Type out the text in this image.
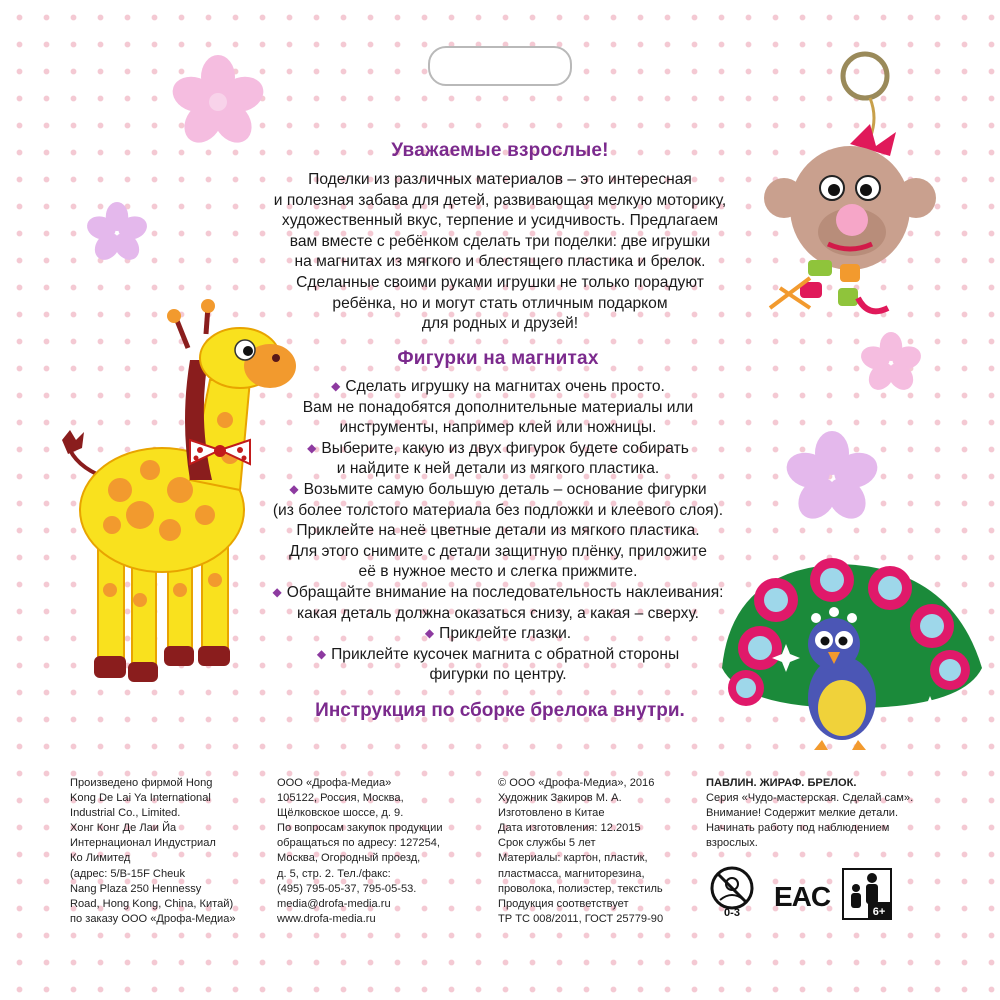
Уважаемые взрослые!

Поделки из различных материалов – это интересная

и полезная забава для детей, развивающая мелкую моторику,

художественный вкус, терпение и усидчивость. Предлагаем

вам вместе с ребёнком сделать три поделки: две игрушки

на магнитах из мягкого и блестящего пластика и брелок.

Сделанные своими руками игрушки не только порадуют

ребёнка, но и могут стать отличным подарком

для родных и друзей!

Фигурки на магнитах

◆ Сделать игрушку на магнитах очень просто.

Вам не понадобятся дополнительные материалы или

инструменты, например клей или ножницы.

◆ Выберите, какую из двух фигурок будете собирать

и найдите к ней детали из мягкого пластика.

◆ Возьмите самую большую деталь – основание фигурки

(из более толстого материала без подложки и клеевого слоя).

Приклейте на неё цветные детали из мягкого пластика.

Для этого снимите с детали защитную плёнку, приложите

её в нужное место и слегка прижмите.

◆ Обращайте внимание на последовательность наклеивания:

какая деталь должна оказаться снизу, а какая – сверху.

◆ Приклейте глазки.

◆ Приклейте кусочек магнита с обратной стороны

фигурки по центру.

Инструкция по сборке брелока внутри.
Произведено фирмой Hong
Kong De Lai Ya International
Industrial Co., Limited.
Хонг Конг Де Лаи Йа
Интернационал Индустриал
Ко Лимитед
(адрес: 5/B-15F Cheuk
Nang Plaza 250 Hennessy
Road, Hong Kong, China, Китай)
по заказу ООО «Дрофа-Медиа»
ООО «Дрофа-Медиа»
105122, Россия, Москва,
Щёлковское шоссе, д. 9.
По вопросам закупок продукции
обращаться по адресу: 127254,
Москва, Огородный проезд,
д. 5, стр. 2. Тел./факс:
(495) 795-05-37, 795-05-53.
media@drofa-media.ru
www.drofa-media.ru
© ООО «Дрофа-Медиа», 2016
Художник Закиров М. А.
Изготовлено в Китае
Дата изготовления: 12.2015
Срок службы 5 лет
Материалы: картон, пластик,
пластмасса, магниторезина,
проволока, полиэстер, текстиль
Продукция соответствует
ТР ТС 008/2011, ГОСТ 25779-90
ПАВЛИН. ЖИРАФ. БРЕЛОК.
Серия «Чудо-мастерская. Сделай сам».
Внимание! Содержит мелкие детали.
Начинать работу под наблюдением
взрослых.
0-3
EAC	6+
